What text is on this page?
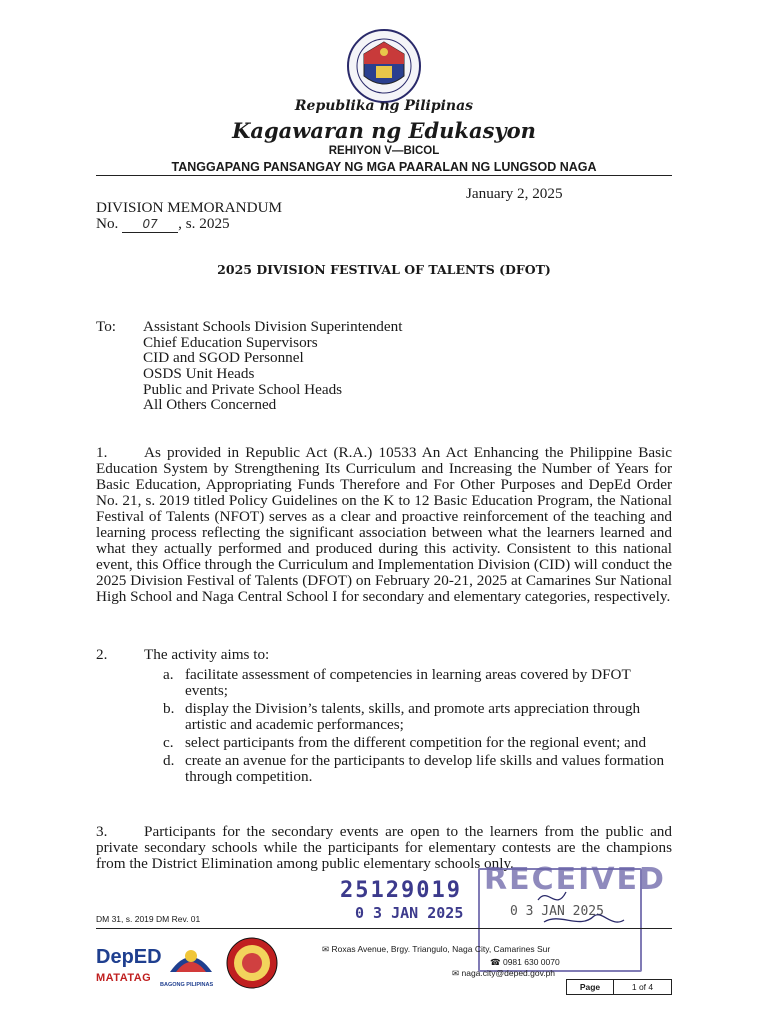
Republika ng Pilipinas
Kagawaran ng Edukasyon
REHIYON V—BICOL
TANGGAPANG PANSANGAY NG MGA PAARALAN NG LUNGSOD NAGA
January 2, 2025
DIVISION MEMORANDUM
No. 07 , s. 2025
2025 DIVISION FESTIVAL OF TALENTS (DFOT)
To: Assistant Schools Division Superintendent
Chief Education Supervisors
CID and SGOD Personnel
OSDS Unit Heads
Public and Private School Heads
All Others Concerned
1. As provided in Republic Act (R.A.) 10533 An Act Enhancing the Philippine Basic Education System by Strengthening Its Curriculum and Increasing the Number of Years for Basic Education, Appropriating Funds Therefore and For Other Purposes and DepEd Order No. 21, s. 2019 titled Policy Guidelines on the K to 12 Basic Education Program, the National Festival of Talents (NFOT) serves as a clear and proactive reinforcement of the teaching and learning process reflecting the significant association between what the learners learned and what they actually performed and produced during this activity. Consistent to this national event, this Office through the Curriculum and Implementation Division (CID) will conduct the 2025 Division Festival of Talents (DFOT) on February 20-21, 2025 at Camarines Sur National High School and Naga Central School I for secondary and elementary categories, respectively.
2. The activity aims to:
a. facilitate assessment of competencies in learning areas covered by DFOT events;
b. display the Division’s talents, skills, and promote arts appreciation through artistic and academic performances;
c. select participants from the different competition for the regional event; and
d. create an avenue for the participants to develop life skills and values formation through competition.
3. Participants for the secondary events are open to the learners from the public and private secondary schools while the participants for elementary contests are the champions from the District Elimination among public elementary schools only.
25129019
0 3 JAN 2025
RECEIVED
0 3 JAN 2025
DM 31, s. 2019 DM Rev. 01
DepED
MATATAG
BAGONG PILIPINAS
✉ Roxas Avenue, Brgy. Triangulo, Naga City, Camarines Sur
☎ 0981 630 0070
✉ naga.city@deped.gov.ph
Page	1 of 4
